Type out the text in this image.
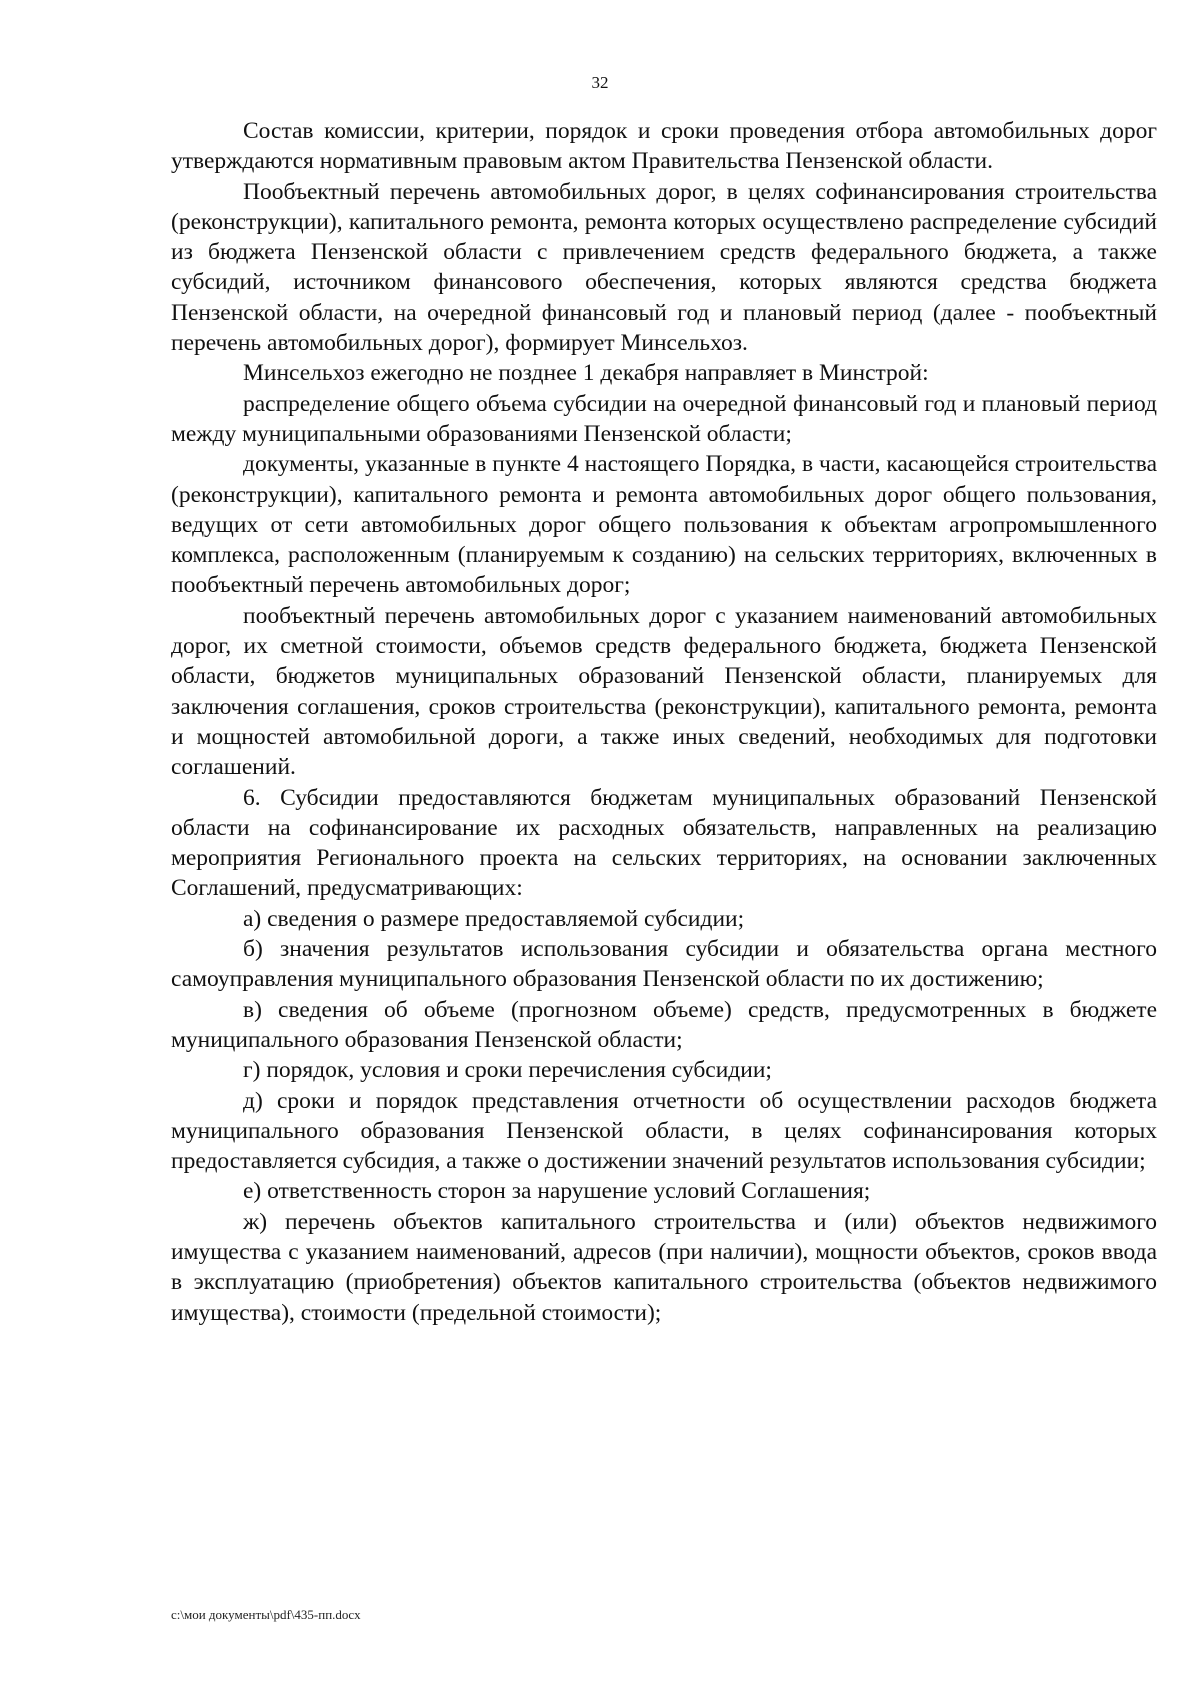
32

Состав комиссии, критерии, порядок и сроки проведения отбора автомобильных дорог утверждаются нормативным правовым актом Правительства Пензенской области.

Пообъектный перечень автомобильных дорог, в целях софинансирования строительства (реконструкции), капитального ремонта, ремонта которых осуществлено распределение субсидий из бюджета Пензенской области с привлечением средств федерального бюджета, а также субсидий, источником финансового обеспечения, которых являются средства бюджета Пензенской области, на очередной финансовый год и плановый период (далее - пообъектный перечень автомобильных дорог), формирует Минсельхоз.

Минсельхоз ежегодно не позднее 1 декабря направляет в Минстрой:

распределение общего объема субсидии на очередной финансовый год и плановый период между муниципальными образованиями Пензенской области;

документы, указанные в пункте 4 настоящего Порядка, в части, касающейся строительства (реконструкции), капитального ремонта и ремонта автомобильных дорог общего пользования, ведущих от сети автомобильных дорог общего пользования к объектам агропромышленного комплекса, расположенным (планируемым к созданию) на сельских территориях, включенных в пообъектный перечень автомобильных дорог;

пообъектный перечень автомобильных дорог с указанием наименований автомобильных дорог, их сметной стоимости, объемов средств федерального бюджета, бюджета Пензенской области, бюджетов муниципальных образований Пензенской области, планируемых для заключения соглашения, сроков строительства (реконструкции), капитального ремонта, ремонта и мощностей автомобильной дороги, а также иных сведений, необходимых для подготовки соглашений.

6. Субсидии предоставляются бюджетам муниципальных образований Пензенской области на софинансирование их расходных обязательств, направленных на реализацию мероприятия Регионального проекта на сельских территориях, на основании заключенных Соглашений, предусматривающих:

а) сведения о размере предоставляемой субсидии;

б) значения результатов использования субсидии и обязательства органа местного самоуправления муниципального образования Пензенской области по их достижению;

в) сведения об объеме (прогнозном объеме) средств, предусмотренных в бюджете муниципального образования Пензенской области;

г) порядок, условия и сроки перечисления субсидии;

д) сроки и порядок представления отчетности об осуществлении расходов бюджета муниципального образования Пензенской области, в целях софинансирования которых предоставляется субсидия, а также о достижении значений результатов использования субсидии;

е) ответственность сторон за нарушение условий Соглашения;

ж) перечень объектов капитального строительства и (или) объектов недвижимого имущества с указанием наименований, адресов (при наличии), мощности объектов, сроков ввода в эксплуатацию (приобретения) объектов капитального строительства (объектов недвижимого имущества), стоимости (предельной стоимости);

c:\мои документы\pdf\435-пп.docx
